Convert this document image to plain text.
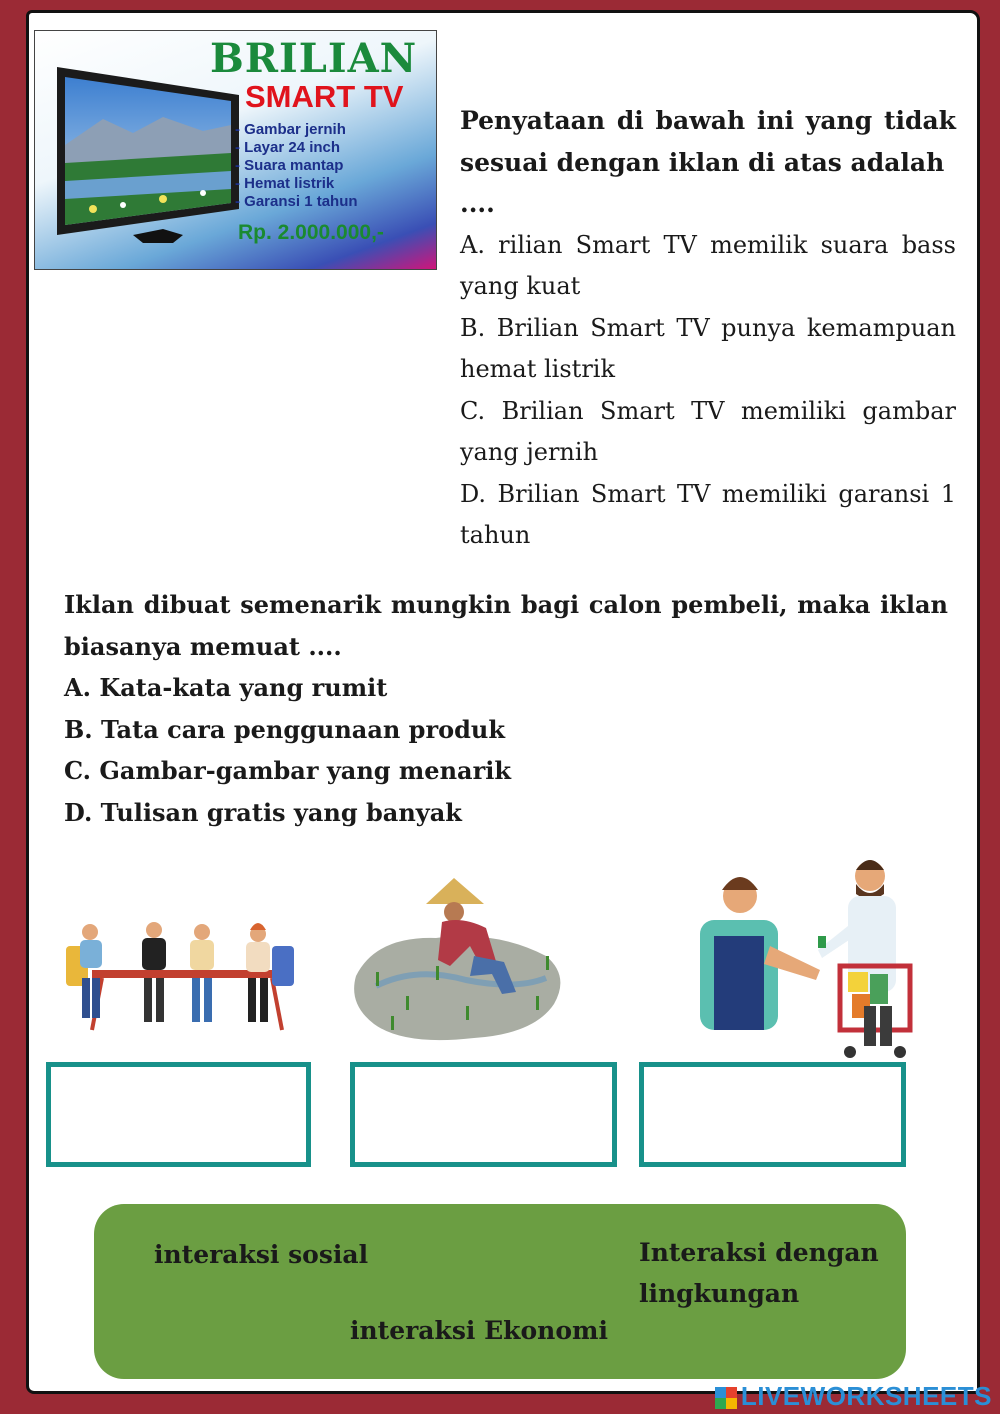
BRILIAN
SMART TV
- Gambar jernih
- Layar 24 inch
- Suara mantap
- Hemat listrik
- Garansi 1 tahun
Rp. 2.000.000,-
Penyataan di bawah ini yang tidak
sesuai dengan iklan di atas adalah ....
A. rilian Smart TV memilik suara bass
yang kuat
B. Brilian Smart TV punya kemampuan
hemat listrik
C. Brilian Smart TV memiliki gambar
yang jernih
D. Brilian Smart TV memiliki garansi 1
tahun
Iklan dibuat semenarik mungkin bagi calon pembeli, maka iklan
biasanya memuat ....
A. Kata-kata yang rumit
B. Tata cara penggunaan produk
C. Gambar-gambar yang menarik
D. Tulisan gratis yang banyak
interaksi sosial	Interaksi dengan
lingkungan
interaksi Ekonomi
LIVEWORKSHEETS
